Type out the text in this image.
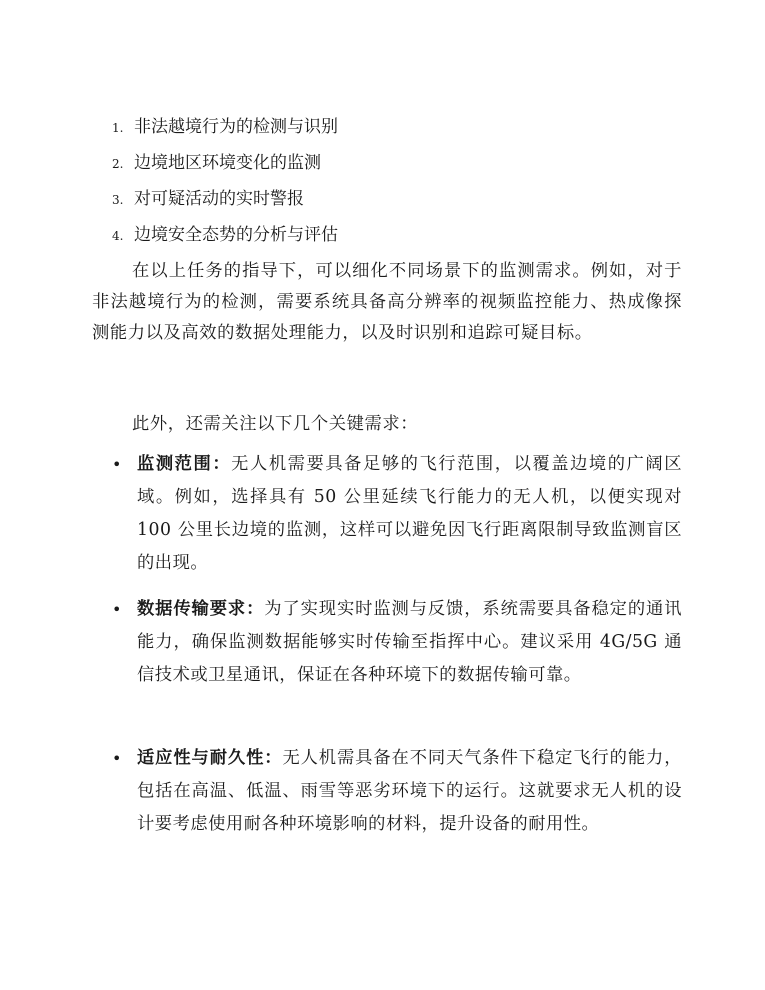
1. 非法越境行为的检测与识别
2. 边境地区环境变化的监测
3. 对可疑活动的实时警报
4. 边境安全态势的分析与评估

在以上任务的指导下，可以细化不同场景下的监测需求。例如，对于非法越境行为的检测，需要系统具备高分辨率的视频监控能力、热成像探测能力以及高效的数据处理能力，以及时识别和追踪可疑目标。

此外，还需关注以下几个关键需求：

• 监测范围：无人机需要具备足够的飞行范围，以覆盖边境的广阔区域。例如，选择具有 50 公里延续飞行能力的无人机，以便实现对 100 公里长边境的监测，这样可以避免因飞行距离限制导致监测盲区的出现。
• 数据传输要求：为了实现实时监测与反馈，系统需要具备稳定的通讯能力，确保监测数据能够实时传输至指挥中心。建议采用 4G/5G 通信技术或卫星通讯，保证在各种环境下的数据传输可靠。
• 适应性与耐久性：无人机需具备在不同天气条件下稳定飞行的能力，包括在高温、低温、雨雪等恶劣环境下的运行。这就要求无人机的设计要考虑使用耐各种环境影响的材料，提升设备的耐用性。
